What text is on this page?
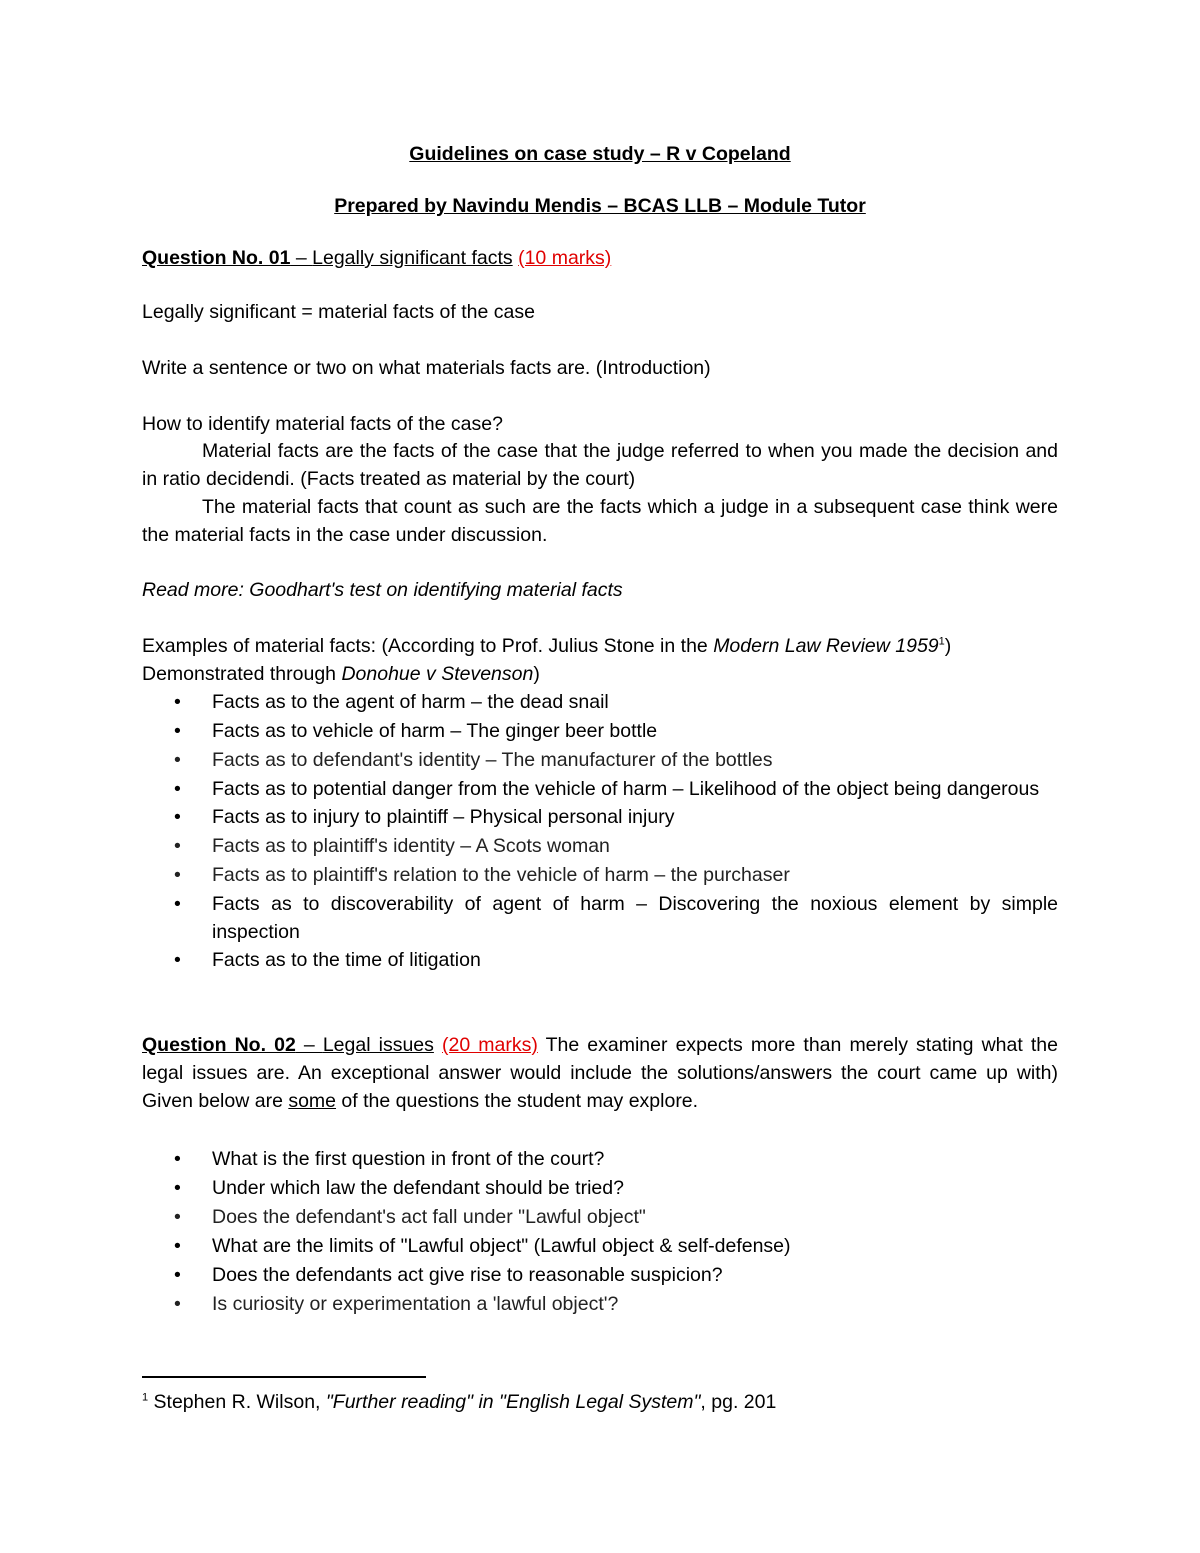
Guidelines on case study – R v Copeland
Prepared by Navindu Mendis – BCAS LLB – Module Tutor
Question No. 01 – Legally significant facts (10 marks)
Legally significant = material facts of the case
Write a sentence or two on what materials facts are. (Introduction)
How to identify material facts of the case?
Material facts are the facts of the case that the judge referred to when you made the decision and in ratio decidendi. (Facts treated as material by the court)
The material facts that count as such are the facts which a judge in a subsequent case think were the material facts in the case under discussion.
Read more: Goodhart's test on identifying material facts
Examples of material facts: (According to Prof. Julius Stone in the Modern Law Review 1959$^1$)
Demonstrated through Donohue v Stevenson)
• Facts as to the agent of harm – the dead snail
• Facts as to vehicle of harm – The ginger beer bottle
• Facts as to defendant's identity – The manufacturer of the bottles
• Facts as to potential danger from the vehicle of harm – Likelihood of the object being dangerous
• Facts as to injury to plaintiff – Physical personal injury
• Facts as to plaintiff's identity – A Scots woman
• Facts as to plaintiff's relation to the vehicle of harm – the purchaser
• Facts as to discoverability of agent of harm – Discovering the noxious element by simple inspection
• Facts as to the time of litigation
Question No. 02 – Legal issues (20 marks) The examiner expects more than merely stating what the legal issues are. An exceptional answer would include the solutions/answers the court came up with) Given below are some of the questions the student may explore.
• What is the first question in front of the court?
• Under which law the defendant should be tried?
• Does the defendant's act fall under "Lawful object"
• What are the limits of "Lawful object" (Lawful object & self-defense)
• Does the defendants act give rise to reasonable suspicion?
• Is curiosity or experimentation a 'lawful object'?
$^1$ Stephen R. Wilson, "Further reading" in "English Legal System", pg. 201
